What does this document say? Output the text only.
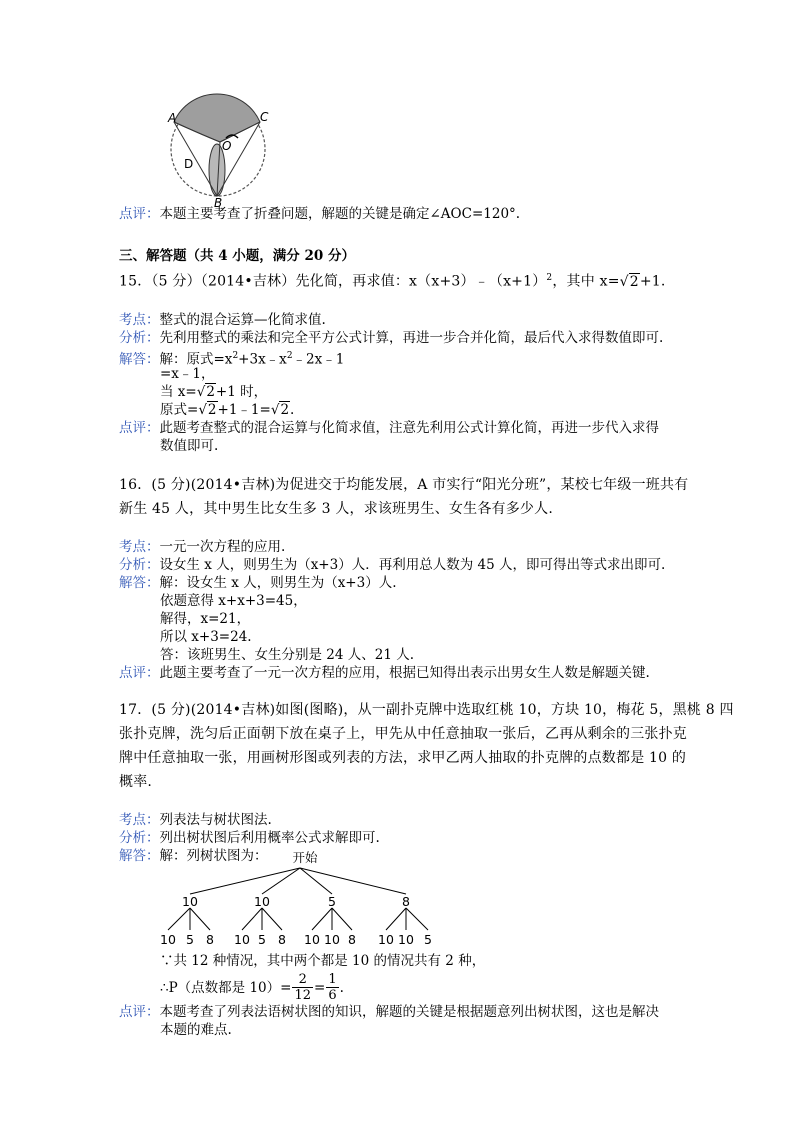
A	C
O
D
B
点评：本题主要考查了折叠问题，解题的关键是确定∠AOC=120°.
三、解答题（共 4 小题，满分 20 分）
15．（5 分）（2014•吉林）先化简，再求值：$x(x+3)﹣(x+1)^2$，其中 x=√2+1.
考点：整式的混合运算—化简求值.
分析：先利用整式的乘法和完全平方公式计算，再进一步合并化简，最后代入求得数值即可.
解答：解：原式$=x^2+3x﹣x^2﹣2x﹣1$
=x﹣1，
当 x=√2+1 时，
原式=√2+1﹣1=√2.
点评：此题考查整式的混合运算与化简求值，注意先利用公式计算化简，再进一步代入求得
数值即可.
16．(5 分)(2014•吉林)为促进交于均能发展，A 市实行“阳光分班”，某校七年级一班共有
新生 45 人，其中男生比女生多 3 人，求该班男生、女生各有多少人.
考点：一元一次方程的应用.
分析：设女生 x 人，则男生为（x+3）人．再利用总人数为 45 人，即可得出等式求出即可.
解答：解：设女生 x 人，则男生为（x+3）人.
依题意得 x+x+3=45，
解得，x=21，
所以 x+3=24.
答：该班男生、女生分别是 24 人、21 人.
点评：此题主要考查了一元一次方程的应用，根据已知得出表示出男女生人数是解题关键.
17．(5 分)(2014•吉林)如图(图略)，从一副扑克牌中选取红桃 10，方块 10，梅花 5，黑桃 8 四
张扑克牌，洗匀后正面朝下放在桌子上，甲先从中任意抽取一张后，乙再从剩余的三张扑克
牌中任意抽取一张，用画树形图或列表的方法，求甲乙两人抽取的扑克牌的点数都是 10 的
概率.
考点：列表法与树状图法.
分析：列出树状图后利用概率公式求解即可.
解答：解：列树状图为： 开始
10	10	5	8
10 5 8 10 5 8 10 10 8 10 10 5
∵共 12 种情况，其中两个都是 10 的情况共有 2 种，
∴P（点数都是 $10)= \frac{2}{12} = \frac{1}{6}$ .
点评：本题考查了列表法语树状图的知识，解题的关键是根据题意列出树状图，这也是解决
本题的难点.
